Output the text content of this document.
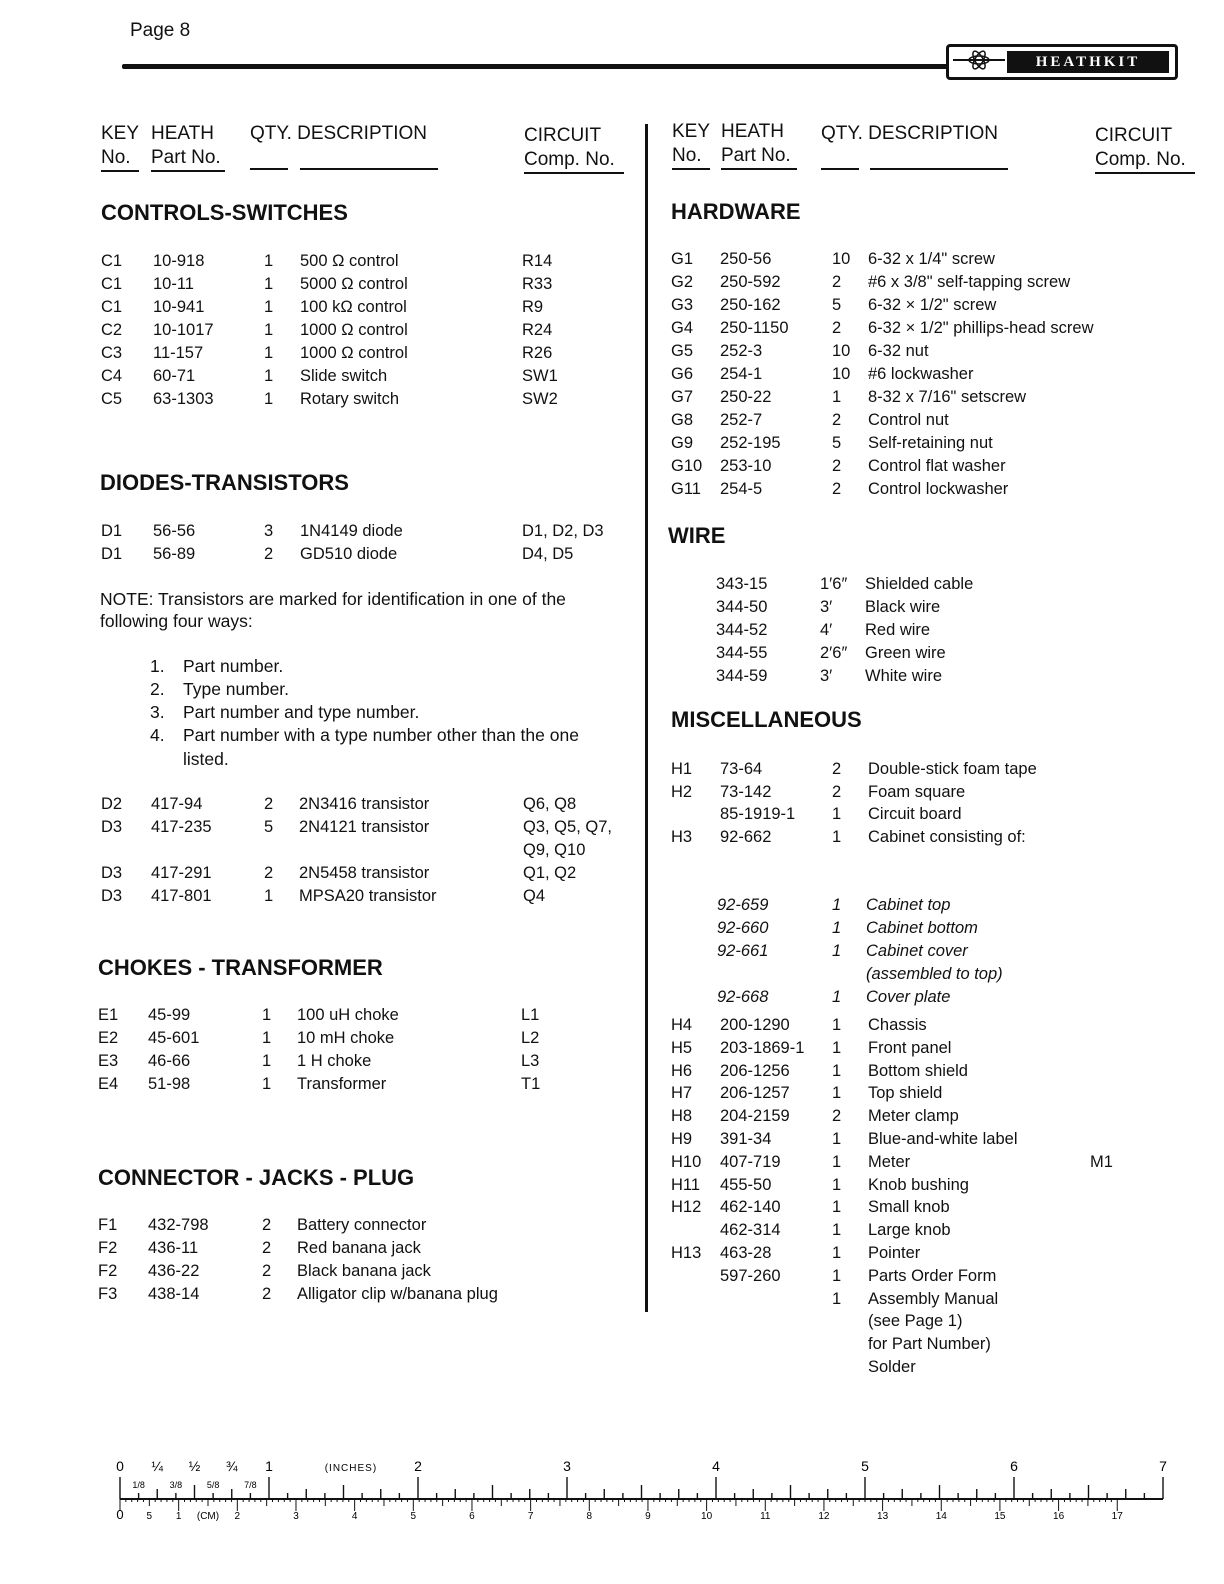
Page 8
HEATHKIT
KEY
No.
HEATH
Part No.
QTY. DESCRIPTION	CIRCUIT
Comp. No.
KEY
No.
HEATH
Part No.
QTY. DESCRIPTION	CIRCUIT
Comp. No.
CONTROLS-SWITCHES
C1 10-918	1 500 Ω control	R14
C1 10-11	1 5000 Ω control	R33
C1 10-941	1 100 kΩ control	R9
C2 10-1017	1 1000 Ω control	R24
C3 11-157	1 1000 Ω control	R26
C4 60-71	1 Slide switch	SW1
C5 63-1303	1 Rotary switch	SW2
DIODES-TRANSISTORS
D1 56-56	3 1N4149 diode	D1, D2, D3
D1 56-89	2 GD510 diode	D4, D5
NOTE: Transistors are marked for identification in one of the
following four ways:
1. Part number.
2. Type number.
3. Part number and type number.
4. Part number with a type number other than the one
listed.
D2 417-94	2 2N3416 transistor	Q6, Q8
D3 417-235	5 2N4121 transistor	Q3, Q5, Q7,
Q9, Q10
D3 417-291	2 2N5458 transistor	Q1, Q2
D3 417-801	1 MPSA20 transistor	Q4
CHOKES - TRANSFORMER
E1 45-99	1 100 uH choke	L1
E2 45-601	1 10 mH choke	L2
E3 46-66	1 1 H choke	L3
E4 51-98	1 Transformer	T1
CONNECTOR - JACKS - PLUG
F1 432-798	2 Battery connector
F2 436-11	2 Red banana jack
F2 436-22	2 Black banana jack
F3 438-14	2 Alligator clip w/banana plug
HARDWARE
G1 250-56	10 6-32 x 1/4" screw
G2 250-592	2 #6 x 3/8" self-tapping screw
G3 250-162	5 6-32 × 1/2" screw
G4 250-1150	2 6-32 × 1/2" phillips-head screw
G5 252-3	10 6-32 nut
G6 254-1	10 #6 lockwasher
G7 250-22	1 8-32 x 7/16" setscrew
G8 252-7	2 Control nut
G9 252-195	5 Self-retaining nut
G10 253-10	2 Control flat washer
G11 254-5	2 Control lockwasher
WIRE
343-15	1′6″ Shielded cable
344-50	3′ Black wire
344-52	4′ Red wire
344-55	2′6″ Green wire
344-59	3′ White wire
MISCELLANEOUS
H1 73-64	2 Double-stick foam tape
H2 73-142	2 Foam square
85-1919-1 1 Circuit board
H3 92-662	1 Cabinet consisting of:
92-659	1 Cabinet top
92-660	1 Cabinet bottom
92-661	1 Cabinet cover
(assembled to top)
92-668	1 Cover plate
H4 200-1290	1 Chassis
H5 203-1869-1 1 Front panel
H6 206-1256	1 Bottom shield
H7 206-1257	1 Top shield
H8 204-2159	2 Meter clamp
H9 391-34	1 Blue-and-white label
H10 407-719	1 Meter	M1
H11 455-50	1 Knob bushing
H12 462-140	1 Small knob
462-314	1 Large knob
H13 463-28	1 Pointer
597-260	1 Parts Order Form
1 Assembly Manual
(see Page 1)
for Part Number)
Solder
0 ¼ ½ ¾ 1	2	3	4	5	6	7
(INCHES)
1/8	3/8	5/8	7/8
0 5 1	2	3	4	5	6	7	8	9	10	11	12	13	14	15	16	17
(CM)
